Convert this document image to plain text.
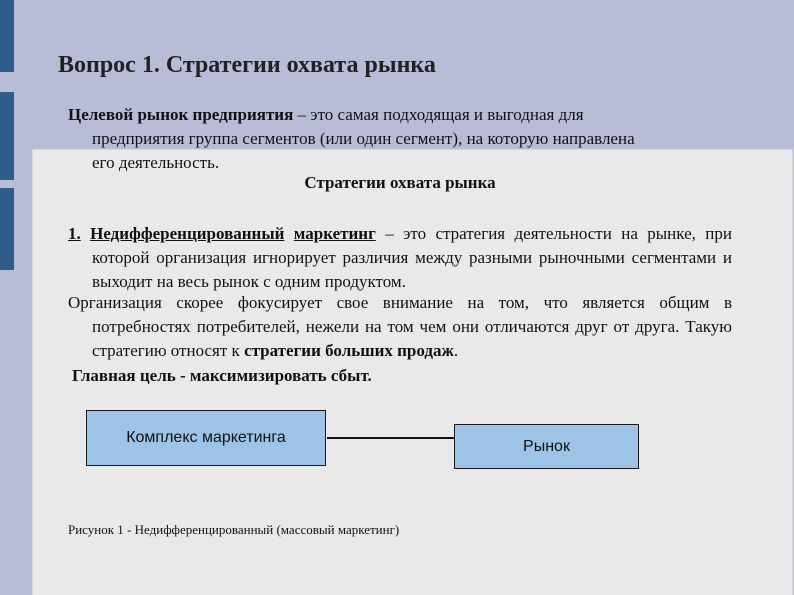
Вопрос 1. Стратегии охвата рынка
Целевой рынок предприятия – это самая подходящая и выгодная для
предприятия группа сегментов (или один сегмент), на которую направлена
его деятельность.
Стратегии охвата рынка
1. Недифференцированный маркетинг – это стратегия деятельности на рынке, при которой организация игнорирует различия между разными рыночными сегментами и выходит на весь рынок с одним продуктом.
Организация скорее фокусирует свое внимание на том, что является общим в потребностях потребителей, нежели на том чем они отличаются друг от друга. Такую стратегию относят к стратегии больших продаж.
Главная цель - максимизировать сбыт.
Комплекс маркетинга	Рынок
Рисунок 1 - Недифференцированный (массовый маркетинг)
